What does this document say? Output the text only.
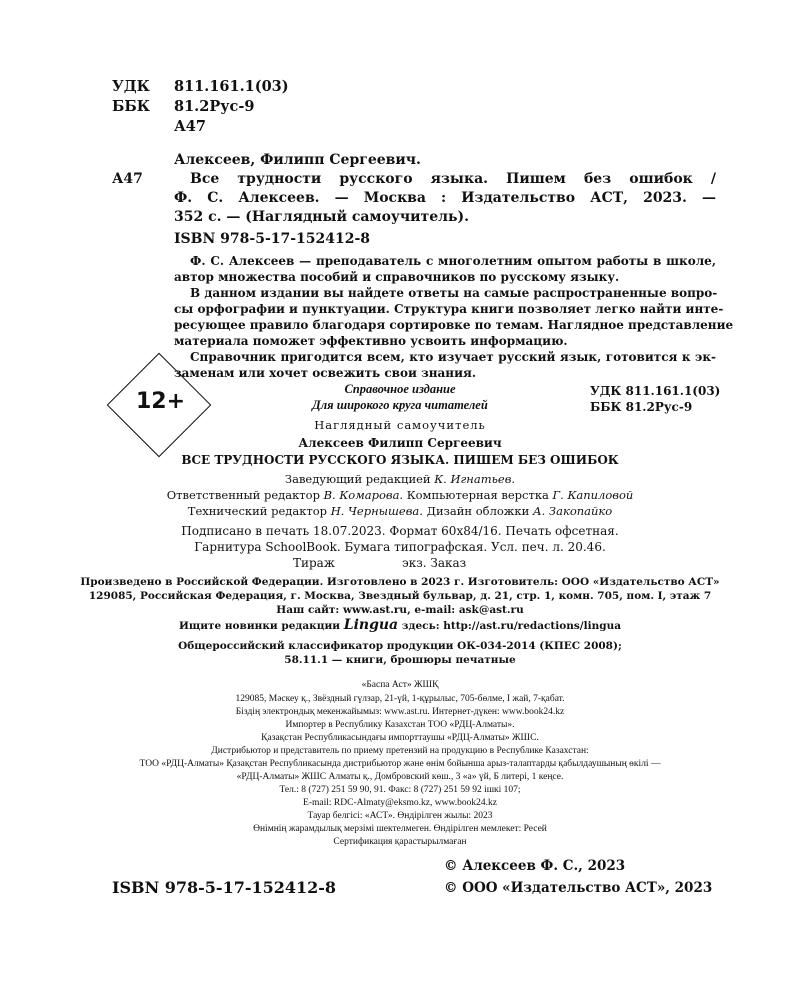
УДК 811.161.1(03)
ББК 81.2Рус-9
А47
Алексеев, Филипп Сергеевич.
А47	Все трудности русского языка. Пишем без ошибок /
Ф. С. Алексеев. — Москва : Издательство АСТ, 2023. —
352 с. — (Наглядный самоучитель).
ISBN 978-5-17-152412-8
Ф. С. Алексеев — преподаватель с многолетним опытом работы в школе,
автор множества пособий и справочников по русскому языку.
В данном издании вы найдете ответы на самые распространенные вопро-
сы орфографии и пунктуации. Структура книги позволяет легко найти инте-
ресующее правило благодаря сортировке по темам. Наглядное представление
материала поможет эффективно усвоить информацию.
Справочник пригодится всем, кто изучает русский язык, готовится к эк-
заменам или хочет освежить свои знания.
УДК 811.161.1(03)
ББК 81.2Рус-9
12+	Справочное издание
Для широкого круга читателей
Наглядный самоучитель
Алексеев Филипп Сергеевич
ВСЕ ТРУДНОСТИ РУССКОГО ЯЗЫКА. ПИШЕМ БЕЗ ОШИБОК
Заведующий редакцией К. Игнатьев.
Ответственный редактор В. Комарова. Компьютерная верстка Г. Капиловой
Технический редактор Н. Чернышева. Дизайн обложки А. Закопайко
Подписано в печать 18.07.2023. Формат 60x84/16. Печать офсетная.
Гарнитура SchoolBook. Бумага типографская. Усл. печ. л. 20.46.
Тираж	экз. Заказ
Произведено в Российской Федерации. Изготовлено в 2023 г. Изготовитель: ООО «Издательство АСТ»
129085, Российская Федерация, г. Москва, Звездный бульвар, д. 21, стр. 1, комн. 705, пом. I, этаж 7
Наш сайт: www.ast.ru, e-mail: ask@ast.ru
Ищите новинки редакции Lingua здесь: http://ast.ru/redactions/lingua
Общероссийский классификатор продукции ОК-034-2014 (КПЕС 2008);
58.11.1 — книги, брошюры печатные
«Баспа Аст» ЖШҚ
129085, Мәскеу қ., Звёздный гүлзар, 21-үй, 1-құрылыс, 705-бөлме, I жай, 7-қабат.
Біздің электрондық мекенжайымыз: www.ast.ru. Интернет-дүкен: www.book24.kz
Импортер в Республику Казахстан ТОО «РДЦ-Алматы».
Қазақстан Республикасындағы импорттаушы «РДЦ-Алматы» ЖШС.
Дистрибьютор и представитель по приему претензий на продукцию в Республике Казахстан:
ТОО «РДЦ-Алматы» Қазақстан Республикасында дистрибьютор және өнім бойынша арыз-талаптарды қабылдаушының өкілі —
«РДЦ-Алматы» ЖШС Алматы қ., Домбровский көш., 3 «а» үй, Б литері, 1 кеңсе.
Тел.: 8 (727) 251 59 90, 91. Факс: 8 (727) 251 59 92 ішкі 107;
E-mail: RDC-Almaty@eksmo.kz, www.book24.kz
Тауар белгісі: «АСТ». Өндірілген жылы: 2023
Өнімнің жарамдылық мерзімі шектелмеген. Өндірілген мемлекет: Ресей
Сертификация қарастырылмаған
© Алексеев Ф. С., 2023
ISBN 978-5-17-152412-8	© ООО «Издательство АСТ», 2023
